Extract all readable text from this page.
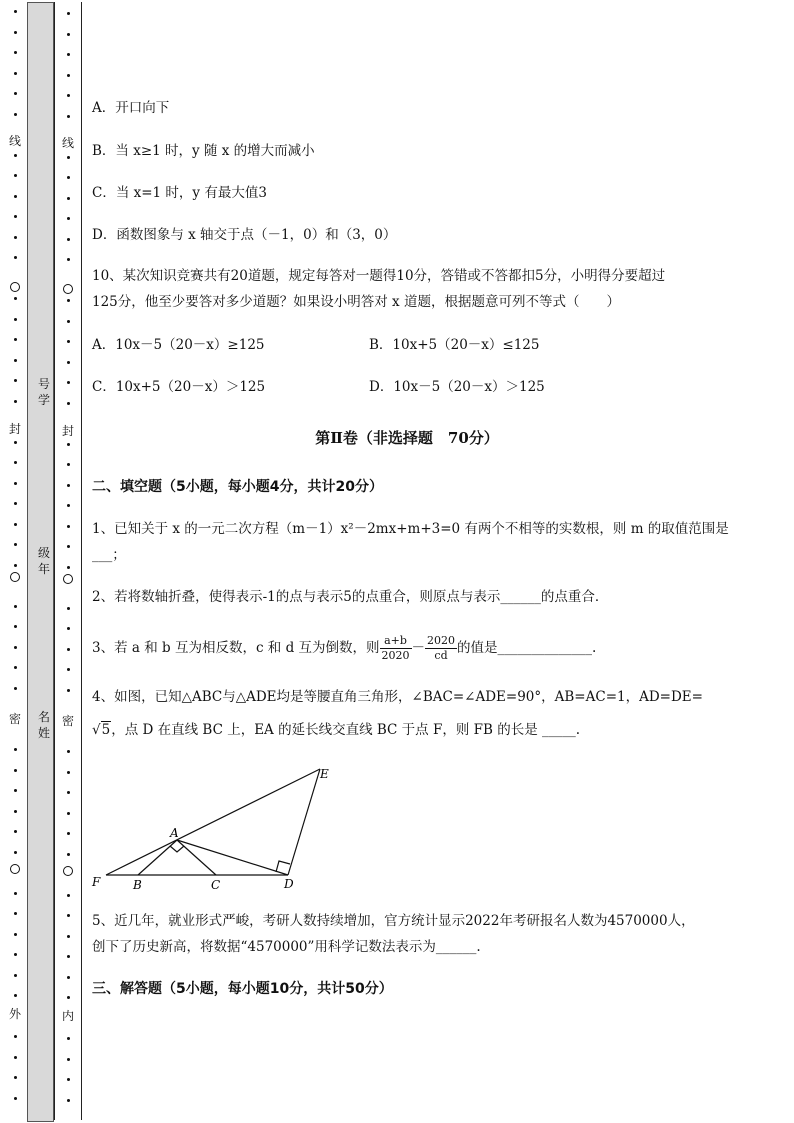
线
封
密
外
号
学
级
年
名
姓
线
封
密
内
A．开口向下
B．当 x≥1 时，y 随 x 的增大而减小
C．当 x=1 时，y 有最大值3
D．函数图象与 x 轴交于点（－1，0）和（3，0）
10、某次知识竞赛共有20道题，规定每答对一题得10分，答错或不答都扣5分，小明得分要超过
125分，他至少要答对多少道题？如果设小明答对 x 道题，根据题意可列不等式（　　）
A．10x－5（20－x）≥125	B．10x+5（20－x）≤125
C．10x+5（20－x）＞125	D．10x－5（20－x）＞125
第Ⅱ卷（非选择题　70分）
二、填空题（5小题，每小题4分，共计20分）
1、已知关于 x 的一元二次方程（m－1）x²－2mx+m+3=0 有两个不相等的实数根，则 m 的取值范围是
___；
2、若将数轴折叠，使得表示-1的点与表示5的点重合，则原点与表示______的点重合．
3、若 a 和 b 互为相反数，c 和 d 互为倒数，则 $\frac{a+b}{2020} - \frac{2020}{cd}$ 的值是______________.
4、如图，已知△ABC与△ADE均是等腰直角三角形，∠BAC=∠ADE=90°，AB=AC=1，AD=DE=
√5，点 D 在直线 BC 上，EA 的延长线交直线 BC 于点 F，则 FB 的长是 _____.
5、近几年，就业形式严峻，考研人数持续增加，官方统计显示2022年考研报名人数为4570000人，
创下了历史新高，将数据“4570000”用科学记数法表示为______.
三、解答题（5小题，每小题10分，共计50分）
A
B	C	D
E
F
